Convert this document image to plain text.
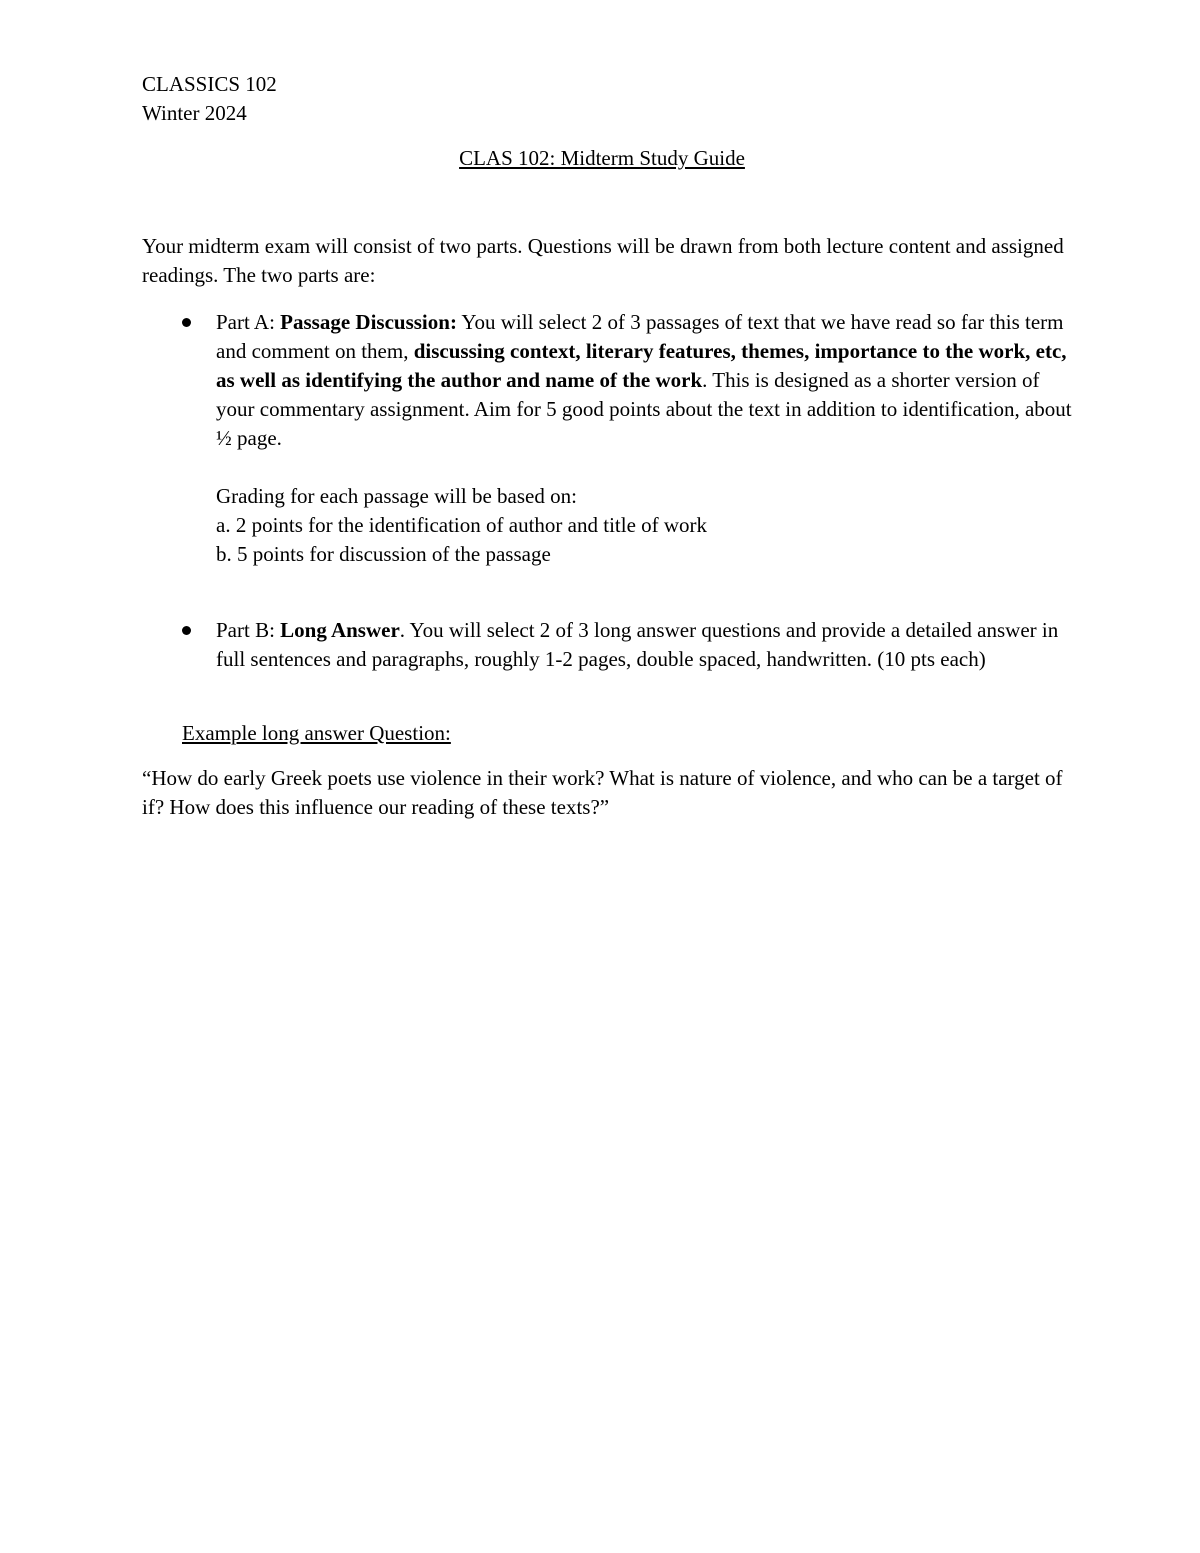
CLASSICS 102
Winter 2024
CLAS 102: Midterm Study Guide

Your midterm exam will consist of two parts. Questions will be drawn from both lecture content and assigned readings. The two parts are:

Part A: Passage Discussion: You will select 2 of 3 passages of text that we have read so far this term and comment on them, discussing context, literary features, themes, importance to the work, etc, as well as identifying the author and name of the work. This is designed as a shorter version of your commentary assignment. Aim for 5 good points about the text in addition to identification, about ½ page.
Grading for each passage will be based on:
a. 2 points for the identification of author and title of work
b. 5 points for discussion of the passage
Part B: Long Answer. You will select 2 of 3 long answer questions and provide a detailed answer in full sentences and paragraphs, roughly 1-2 pages, double spaced, handwritten. (10 pts each)
Example long answer Question:

“How do early Greek poets use violence in their work? What is nature of violence, and who can be a target of if? How does this influence our reading of these texts?”
